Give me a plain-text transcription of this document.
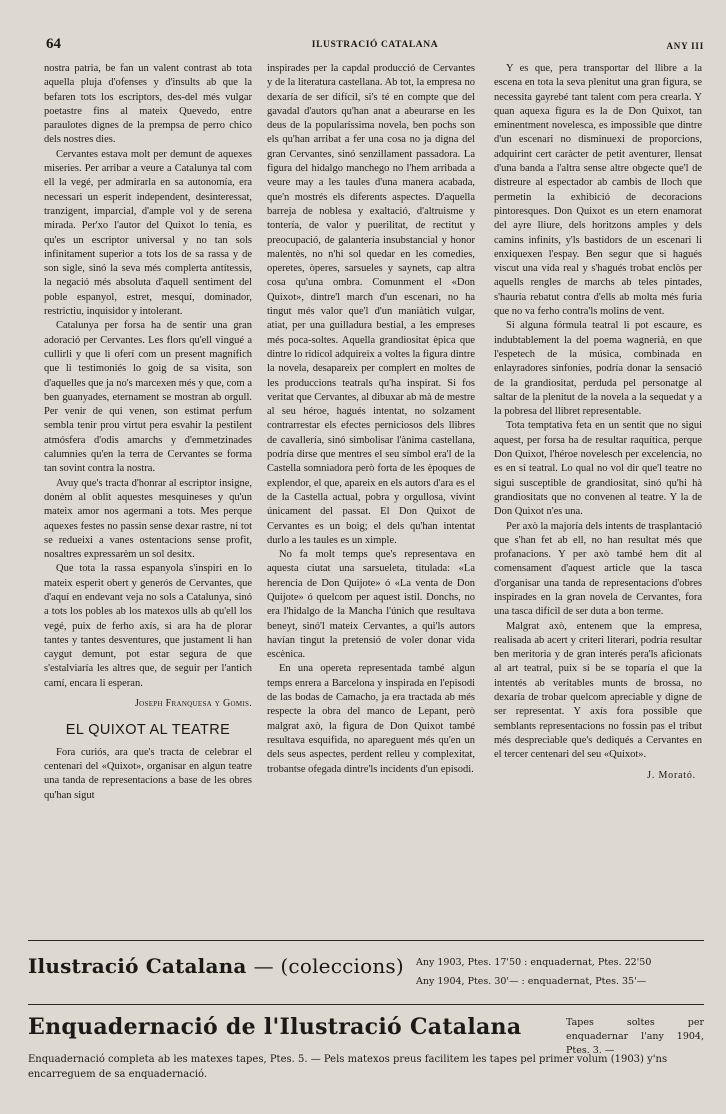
64	ILUSTRACIÓ CATALANA	ANY III

nostra patria, be fan un valent contrast ab tota aquella pluja d'ofenses y d'insults ab que la befaren tots los escriptors, des-del més vulgar poetastre fins al mateix Quevedo, entre paraulotes dignes de la prempsa de perro chico dels nostres dies.

Cervantes estava molt per demunt de aquexes miseries. Per arribar a veure a Catalunya tal com ell la vegé, per admirarla en sa autonomía, era necessari un esperit independent, desinteressat, tranzigent, imparcial, d'ample vol y de serena mirada. Per'xo l'autor del Quixot lo tenía, es qu'es un escriptor universal y no tan sols infinitament superior a tots los de sa rassa y de son sigle, sinó la seva més complerta antítessis, la negació més absoluta d'aquell sentiment del poble espanyol, estret, mesquí, dominador, restrictiu, inquisidor y intolerant.

Catalunya per forsa ha de sentir una gran adoració per Cervantes. Les flors qu'ell vingué a cullirli y que li oferí com un present magnífich que li testimoniés lo goig de sa visita, son d'aquelles que ja no's marcexen més y que, com a ben guanyades, eternament se mostran ab orgull. Per venir de qui venen, son estimat perfum sembla tenir prou virtut pera esvahir la pestilent atmósfera d'odis amarchs y d'emmetzinades calumnies qu'en la terra de Cervantes se forma tan sovint contra la nostra.

Avuy que's tracta d'honrar al escriptor insigne, donèm al oblit aquestes mesquineses y qu'un mateix amor nos agermani a tots. Mes perque aquexes festes no passin sense dexar rastre, ni tot se redueixi a vanes ostentacions sense profit, nosaltres expressarèm un sol desitx.

Que tota la rassa espanyola s'inspiri en lo mateix esperit obert y generós de Cervantes, que d'aquí en endevant veja no sols a Catalunya, sinó a tots los pobles ab los matexos ulls ab qu'ell los vegé, puix de ferho axís, si ara ha de plorar tantes y tantes desventures, que justament li han caygut demunt, pot estar segura de que s'estalviaría les altres que, de seguir per l'antich camí, encara li esperan.

Joseph Franquesa y Gomis.
EL QUIXOT AL TEATRE

Fora curiós, ara que's tracta de celebrar el centenari del «Quixot», organisar en algun teatre una tanda de representacions a base de les obres qu'han sigut

inspirades per la capdal producció de Cervantes y de la literatura castellana. Ab tot, la empresa no dexaría de ser difícil, si's té en compte que del gavadal d'autors qu'han anat a abeurarse en les deus de la popularíssima novela, ben pochs son els qu'han arribat a fer una cosa no ja digna del gran Cervantes, sinó senzillament passadora. La figura del hidalgo manchego no l'hem arribada a veure may a les taules d'una manera acabada, que'n mostrés els diferents aspectes. D'aquella barreja de noblesa y exaltació, d'altruisme y tontería, de valor y puerilitat, de rectitut y preocupació, de galantería insubstancial y honor malentès, no n'hi sol quedar en les comedies, operetes, òperes, sarsueles y saynets, cap altra cosa qu'una ombra. Comunment el «Don Quixot», dintre'l march d'un escenari, no ha tingut més valor que'l d'un maniàtich vulgar, atiat, per una guilladura bestial, a les empreses més poca-soltes. Aquella grandiositat èpica que dintre lo ridícol adquireix a voltes la figura dintre la novela, desapareix per complert en moltes de les produccions teatrals qu'ha inspirat. Si fos veritat que Cervantes, al dibuxar ab mà de mestre al seu héroe, hagués intentat, no solzament contrarrestar els efectes perniciosos dels llibres de cavallería, sinó simbolisar l'ànima castellana, podría dirse que mentres el seu símbol era'l de la Castella somniadora però forta de les èpoques de explendor, el que, apareix en els autors d'ara es el de la Castella actual, pobra y orgullosa, vivint únicament del passat. El Don Quixot de Cervantes es un boig; el dels qu'han intentat durlo a les taules es un ximple.

No fa molt temps que's representava en aquesta ciutat una sarsueleta, titulada: «La herencia de Don Quijote» ó «La venta de Don Quijote» ó quelcom per aquest istil. Donchs, no era l'hidalgo de la Mancha l'únich que resultava beneyt, sinó'l mateix Cervantes, a qui'ls autors havían tingut la pretensió de voler donar vida escènica.

En una opereta representada també algun temps enrera a Barcelona y inspirada en l'episodi de las bodas de Camacho, ja era tractada ab més respecte la obra del manco de Lepant, però malgrat axò, la figura de Don Quixot també resultava esquifida, no apareguent més qu'en un dels seus aspectes, perdent relleu y complexitat, trobantse ofegada dintre'ls incidents d'un episodi.

Y es que, pera transportar del llibre a la escena en tota la seva plenitut una gran figura, se necessita gayrebé tant talent com pera crearla. Y quan aquexa figura es la de Don Quixot, tan eminentment novelesca, es impossible que dintre d'un escenari no disminuexi de proporcions, adquirint cert caràcter de petit aventurer, llensat d'una banda a l'altra sense altre obgecte que'l de distreure al espectador ab cambis de lloch que permetin la exhibició de decoracions pintoresques. Don Quixot es un etern enamorat del ayre lliure, dels horitzons amples y dels camins infinits, y'ls bastidors de un escenari li enxiquexen l'espay. Ben segur que si hagués viscut una vida real y s'hagués trobat enclòs per aquells rengles de marchs ab teles pintades, s'hauría rebatut contra d'ells ab molta més furia que no va ferho contra'ls molins de vent.

Si alguna fórmula teatral li pot escaure, es indubtablement la del poema wagnerià, en que l'espetech de la música, combinada en enlayradores sinfonies, podría donar la sensació de la grandiositat, perduda pel personatge al saltar de la plenitut de la novela a la sequedat y a la pobresa del llibret representable.

Tota temptativa feta en un sentit que no sigui aquest, per forsa ha de resultar raquítica, perque Don Quixot, l'héroe novelesch per excelencia, no es en sí teatral. Lo qual no vol dir que'l teatre no sigui susceptible de grandiositat, sinó qu'hi hà grandiositats que no convenen al teatre. Y la de Don Quixot n'es una.

Per axò la majoría dels intents de trasplantació que s'han fet ab ell, no han resultat més que profanacions. Y per axò també hem dit al comensament d'aquest article que la tasca d'organisar una tanda de representacions d'obres inspirades en la gran novela de Cervantes, fora una tasca difícil de ser duta a bon terme.

Malgrat axò, entenem que la empresa, realisada ab acert y criteri literari, podría resultar ben meritoria y de gran interés pera'ls aficionats al art teatral, puix si be se toparía el que la intentés ab veritables munts de brossa, no dexaría de trobar quelcom apreciable y digne de ser representat. Y axís fora possible que semblants representacions no fossin pas el tribut més despreciable que's dediqués a Cervantes en el tercer centenari del seu «Quixot».

J. Morató.
Ilustració Catalana — (coleccions) Any 1903, Ptes. 17'50 : enquadernat, Ptes. 22'50
Any 1904, Ptes. 30'— : enquadernat, Ptes. 35'—
Enquadernació de l'Ilustració Catalana	Tapes soltes per enquadernar l'any 1904, Ptes. 3. —
Enquadernació completa ab les matexes tapes, Ptes. 5. — Pels matexos preus facilitem les tapes pel primer volum (1903) y'ns encarreguem de sa enquadernació.
